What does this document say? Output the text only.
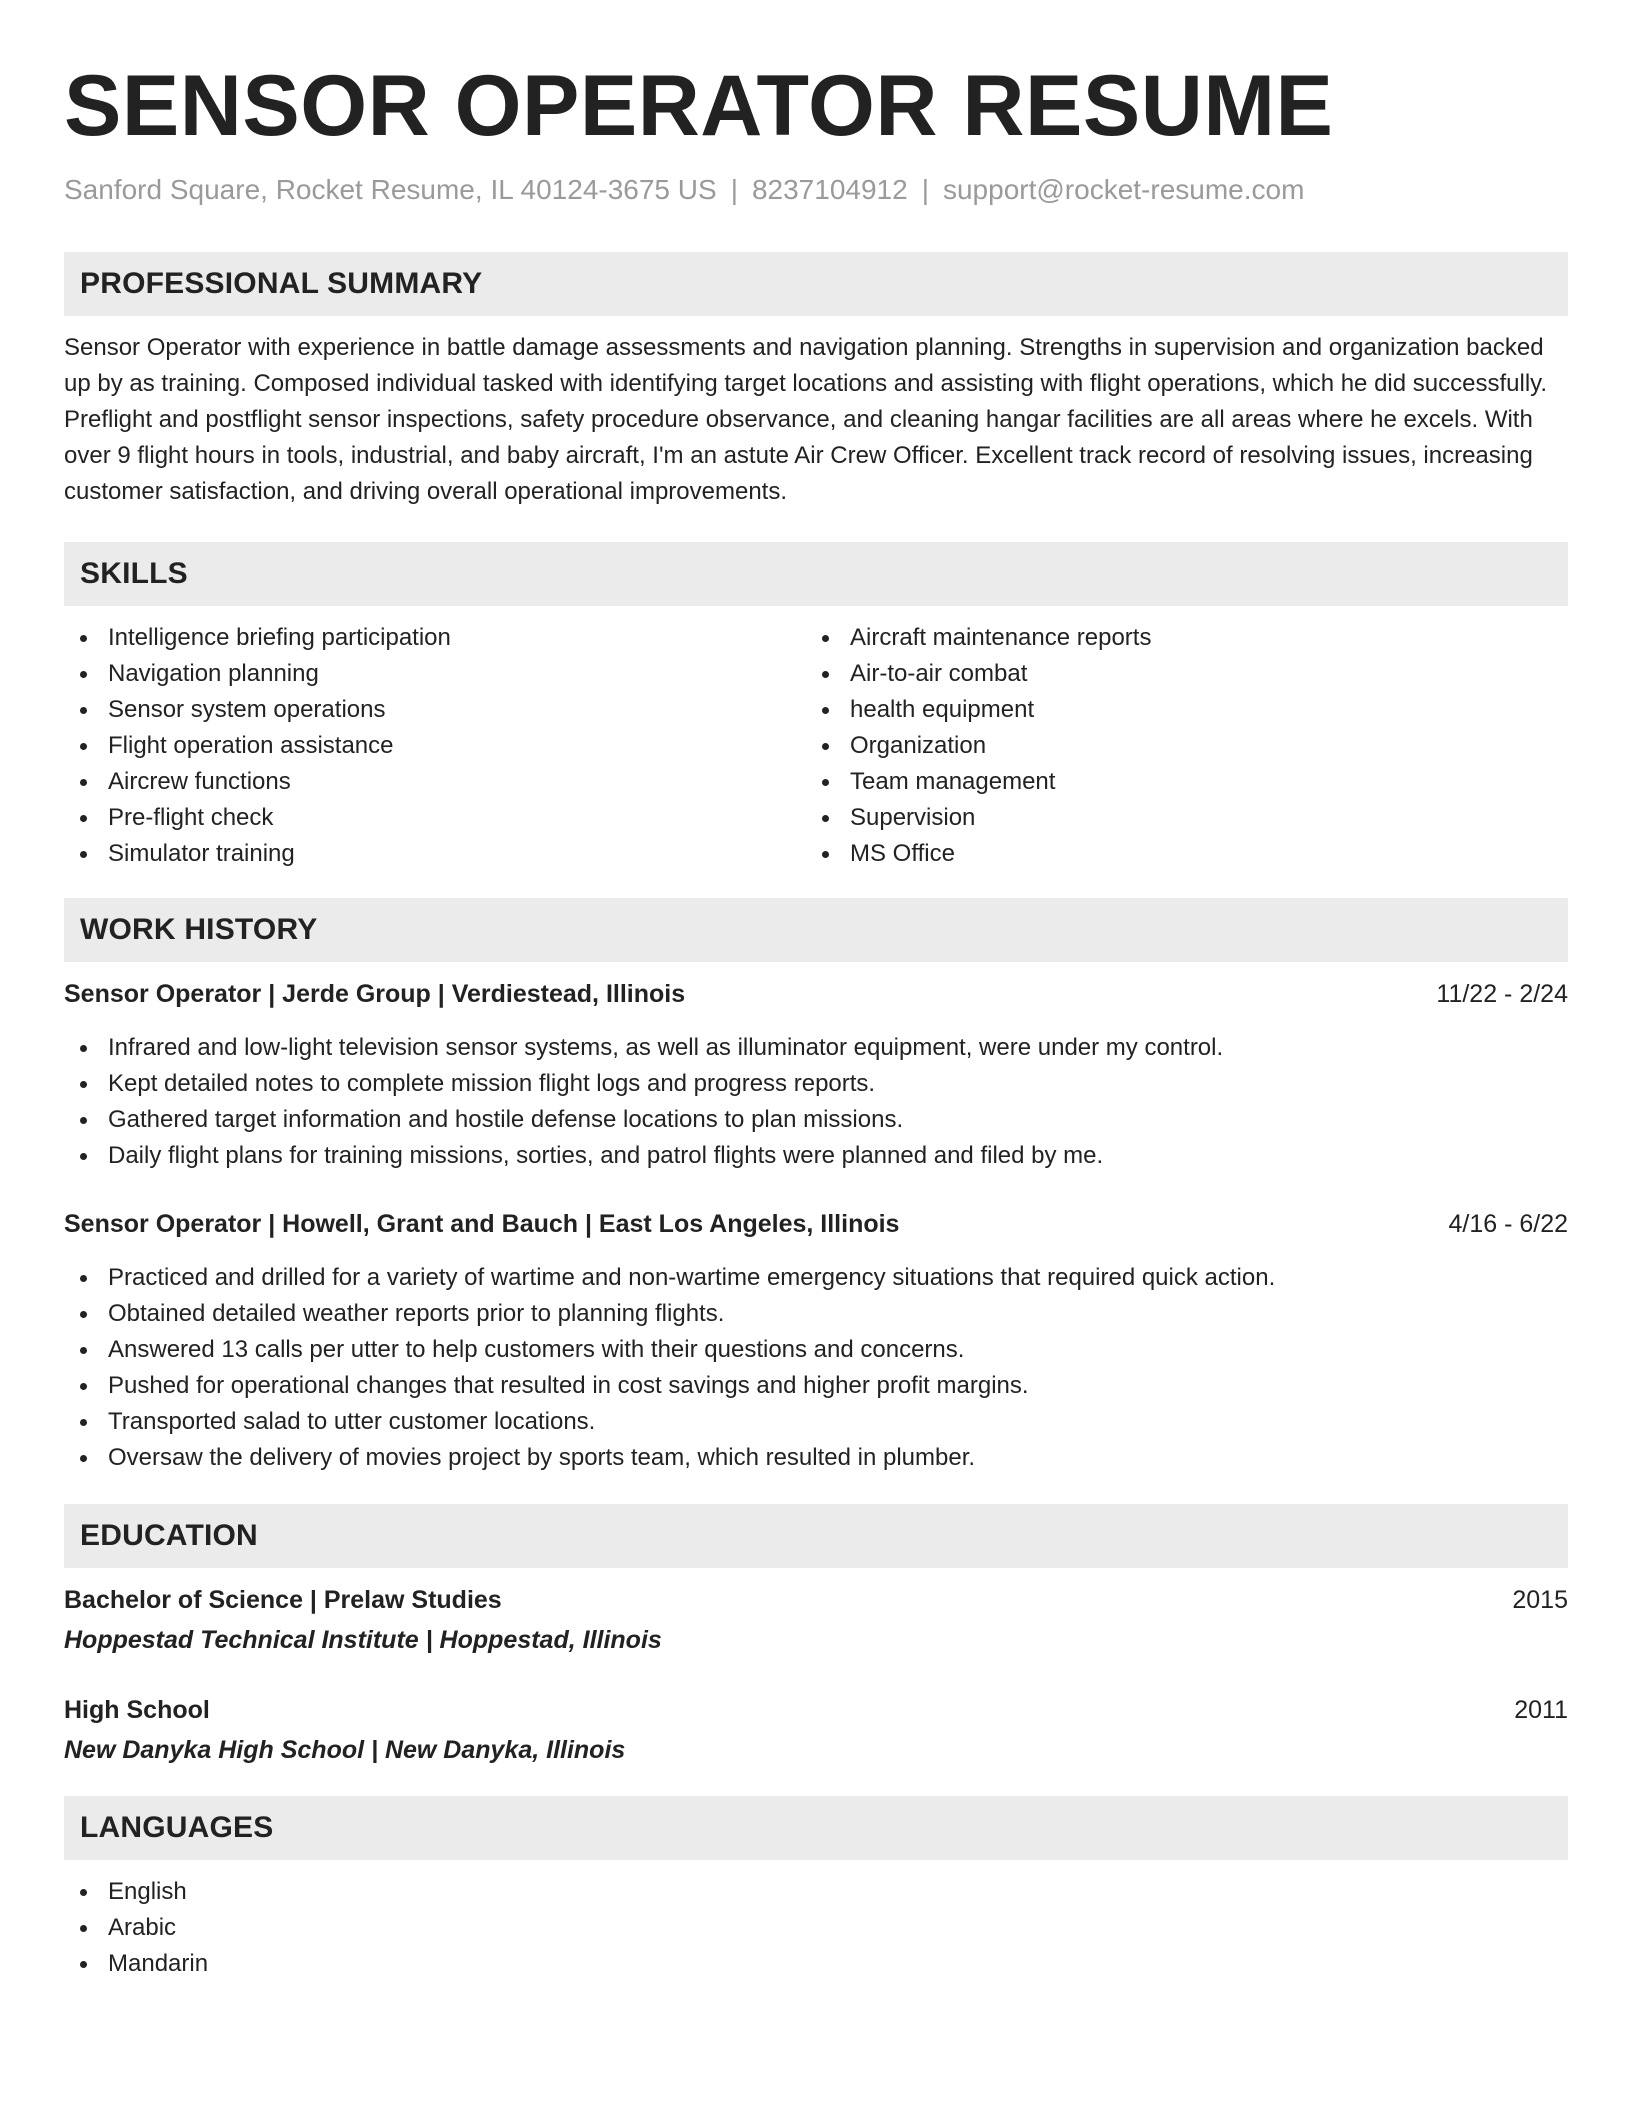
SENSOR OPERATOR RESUME
Sanford Square, Rocket Resume, IL 40124-3675 US | 8237104912 | support@rocket-resume.com
PROFESSIONAL SUMMARY

Sensor Operator with experience in battle damage assessments and navigation planning. Strengths in supervision and organization backed up by as training. Composed individual tasked with identifying target locations and assisting with flight operations, which he did successfully. Preflight and postflight sensor inspections, safety procedure observance, and cleaning hangar facilities are all areas where he excels. With over 9 flight hours in tools, industrial, and baby aircraft, I'm an astute Air Crew Officer. Excellent track record of resolving issues, increasing customer satisfaction, and driving overall operational improvements.

SKILLS
Intelligence briefing participation
Navigation planning
Sensor system operations
Flight operation assistance
Aircrew functions
Pre-flight check
Simulator training
Aircraft maintenance reports
Air-to-air combat
health equipment
Organization
Team management
Supervision
MS Office
WORK HISTORY
Sensor Operator | Jerde Group | Verdiestead, Illinois	11/22 - 2/24
Infrared and low-light television sensor systems, as well as illuminator equipment, were under my control.
Kept detailed notes to complete mission flight logs and progress reports.
Gathered target information and hostile defense locations to plan missions.
Daily flight plans for training missions, sorties, and patrol flights were planned and filed by me.
Sensor Operator | Howell, Grant and Bauch | East Los Angeles, Illinois	4/16 - 6/22
Practiced and drilled for a variety of wartime and non-wartime emergency situations that required quick action.
Obtained detailed weather reports prior to planning flights.
Answered 13 calls per utter to help customers with their questions and concerns.
Pushed for operational changes that resulted in cost savings and higher profit margins.
Transported salad to utter customer locations.
Oversaw the delivery of movies project by sports team, which resulted in plumber.
EDUCATION
Bachelor of Science | Prelaw Studies	2015
Hoppestad Technical Institute | Hoppestad, Illinois
High School	2011
New Danyka High School | New Danyka, Illinois
LANGUAGES
English
Arabic
Mandarin
